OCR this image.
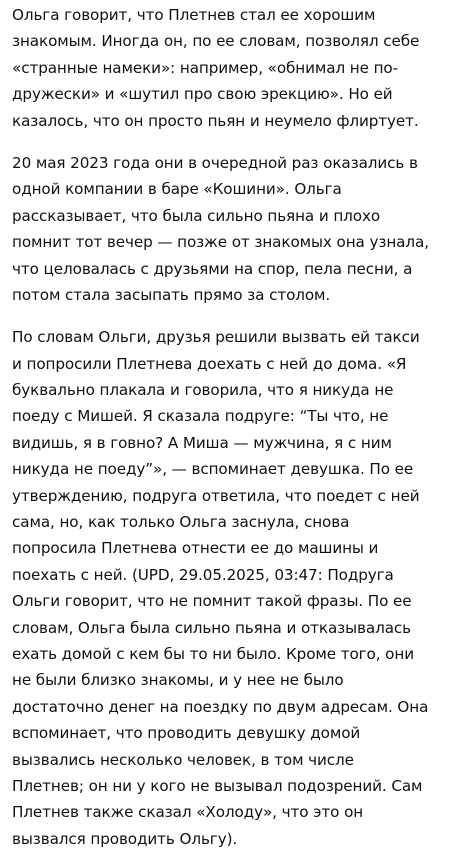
Ольга говорит, что Плетнев стал ее хорошим
знакомым. Иногда он, по ее словам, позволял себе
«странные намеки»: например, «обнимал не по-
дружески» и «шутил про свою эрекцию». Но ей
казалось, что он просто пьян и неумело флиртует.
20 мая 2023 года они в очередной раз оказались в
одной компании в баре «Кошини». Ольга
рассказывает, что была сильно пьяна и плохо
помнит тот вечер — позже от знакомых она узнала,
что целовалась с друзьями на спор, пела песни, а
потом стала засыпать прямо за столом.
По словам Ольги, друзья решили вызвать ей такси
и попросили Плетнева доехать с ней до дома. «Я
буквально плакала и говорила, что я никуда не
поеду с Мишей. Я сказала подруге: “Ты что, не
видишь, я в говно? А Миша — мужчина, я с ним
никуда не поеду”», — вспоминает девушка. По ее
утверждению, подруга ответила, что поедет с ней
сама, но, как только Ольга заснула, снова
попросила Плетнева отнести ее до машины и
поехать с ней. (UPD, 29.05.2025, 03:47: Подруга
Ольги говорит, что не помнит такой фразы. По ее
словам, Ольга была сильно пьяна и отказывалась
ехать домой с кем бы то ни было. Кроме того, они
не были близко знакомы, и у нее не было
достаточно денег на поездку по двум адресам. Она
вспоминает, что проводить девушку домой
вызвались несколько человек, в том числе
Плетнев; он ни у кого не вызывал подозрений. Сам
Плетнев также сказал «Холоду», что это он
вызвался проводить Ольгу).
